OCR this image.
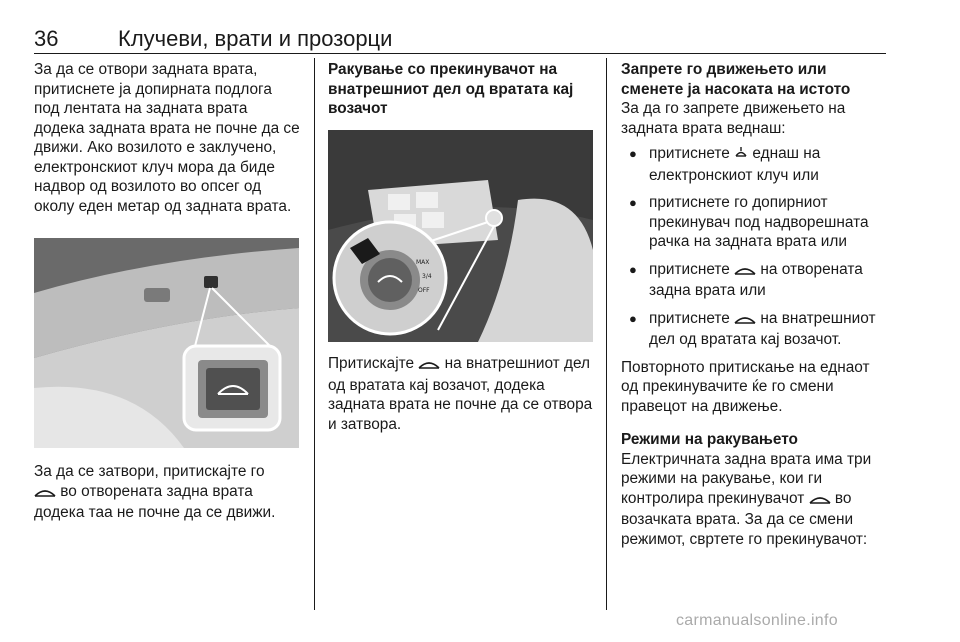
36	Клучеви, врати и прозорци

За да се отвори задната врата, притиснете ја допирната подлога под лентата на задната врата додека задната врата не почне да се движи. Ако возилото е заклучено, електронскиот клуч мора да биде надвор од возилото во опсег од околу еден метар од задната врата.

За да се затвори, притискајте го
во отворената задна врата додека таа не почне да се движи.

Ракување со прекинувачот на внатрешниот дел од вратата кај возачот

MAX
3/4
OFF

Притискајте на внатрешниот дел од вратата кај возачот, додека задната врата не почне да се отвора и затвора.

Запрете го движењето или сменете ја насоката на истото

За да го запрете движењето на задната врата веднаш:

● притиснете еднаш на електронскиот клуч или
● притиснете го допирниот прекинувач под надворешната рачка на задната врата или
● притиснете на отворената задна врата или
● притиснете на внатрешниот дел од вратата кај возачот.

Повторното притискање на еднаот од прекинувачите ќе го смени правецот на движење.

Режими на ракувањето

Електричната задна врата има три режими на ракување, кои ги контролира прекинувачот во возачката врата. За да се смени режимот, свртете го прекинувачот:

carmanualsonline.info
